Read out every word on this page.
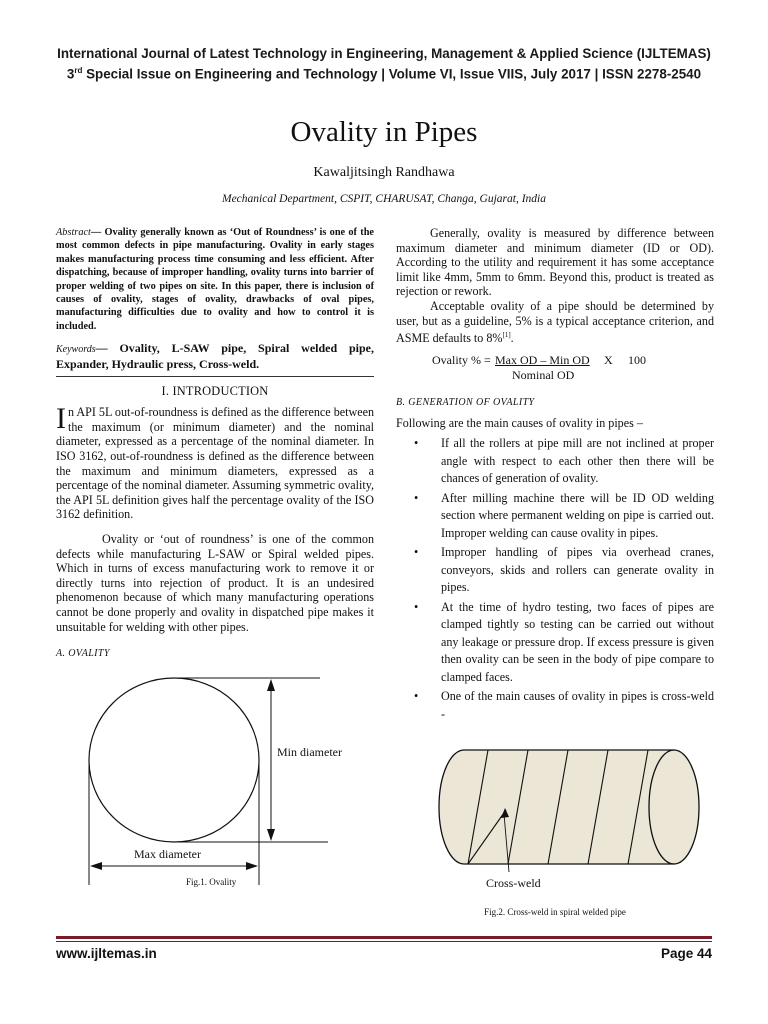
International Journal of Latest Technology in Engineering, Management & Applied Science (IJLTEMAS)
3rd Special Issue on Engineering and Technology | Volume VI, Issue VIIS, July 2017 | ISSN 2278-2540
Ovality in Pipes
Kawaljitsingh Randhawa
Mechanical Department, CSPIT, CHARUSAT, Changa, Gujarat, India

Abstract— Ovality generally known as ‘Out of Roundness’ is one of the most common defects in pipe manufacturing. Ovality in early stages makes manufacturing process time consuming and less efficient. After dispatching, because of improper handling, ovality turns into barrier of proper welding of two pipes on site. In this paper, there is inclusion of causes of ovality, stages of ovality, drawbacks of oval pipes, manufacturing difficulties due to ovality and how to control it is included.

Keywords— Ovality, L-SAW pipe, Spiral welded pipe, Expander, Hydraulic press, Cross-weld.

I. INTRODUCTION

In API 5L out-of-roundness is defined as the difference between the maximum (or minimum diameter) and the nominal diameter, expressed as a percentage of the nominal diameter. In ISO 3162, out-of-roundness is defined as the difference between the maximum and minimum diameters, expressed as a percentage of the nominal diameter. Assuming symmetric ovality, the API 5L definition gives half the percentage ovality of the ISO 3162 definition.

Ovality or ‘out of roundness’ is one of the common defects while manufacturing L-SAW or Spiral welded pipes. Which in turns of excess manufacturing work to remove it or directly turns into rejection of product. It is an undesired phenomenon because of which many manufacturing operations cannot be done properly and ovality in dispatched pipe makes it unsuitable for welding with other pipes.

A. OVALITY
Min diameter
Max diameter
Fig.1. Ovality

Generally, ovality is measured by difference between maximum diameter and minimum diameter (ID or OD). According to the utility and requirement it has some acceptance limit like 4mm, 5mm to 6mm. Beyond this, product is treated as rejection or rework.

Acceptable ovality of a pipe should be determined by user, but as a guideline, 5% is a typical acceptance criterion, and ASME defaults to 8%[1].

Ovality % = Max OD – Min OD X 100
Nominal OD
B. GENERATION OF OVALITY

Following are the main causes of ovality in pipes –

• If all the rollers at pipe mill are not inclined at proper angle with respect to each other then there will be chances of generation of ovality.
• After milling machine there will be ID OD welding section where permanent welding on pipe is carried out. Improper welding can cause ovality in pipes.
• Improper handling of pipes via overhead cranes, conveyors, skids and rollers can generate ovality in pipes.
• At the time of hydro testing, two faces of pipes are clamped tightly so testing can be carried out without any leakage or pressure drop. If excess pressure is given then ovality can be seen in the body of pipe compare to clamped faces.
• One of the main causes of ovality in pipes is cross-weld -
Cross-weld
Fig.2. Cross-weld in spiral welded pipe
www.ijltemas.in	Page 44
